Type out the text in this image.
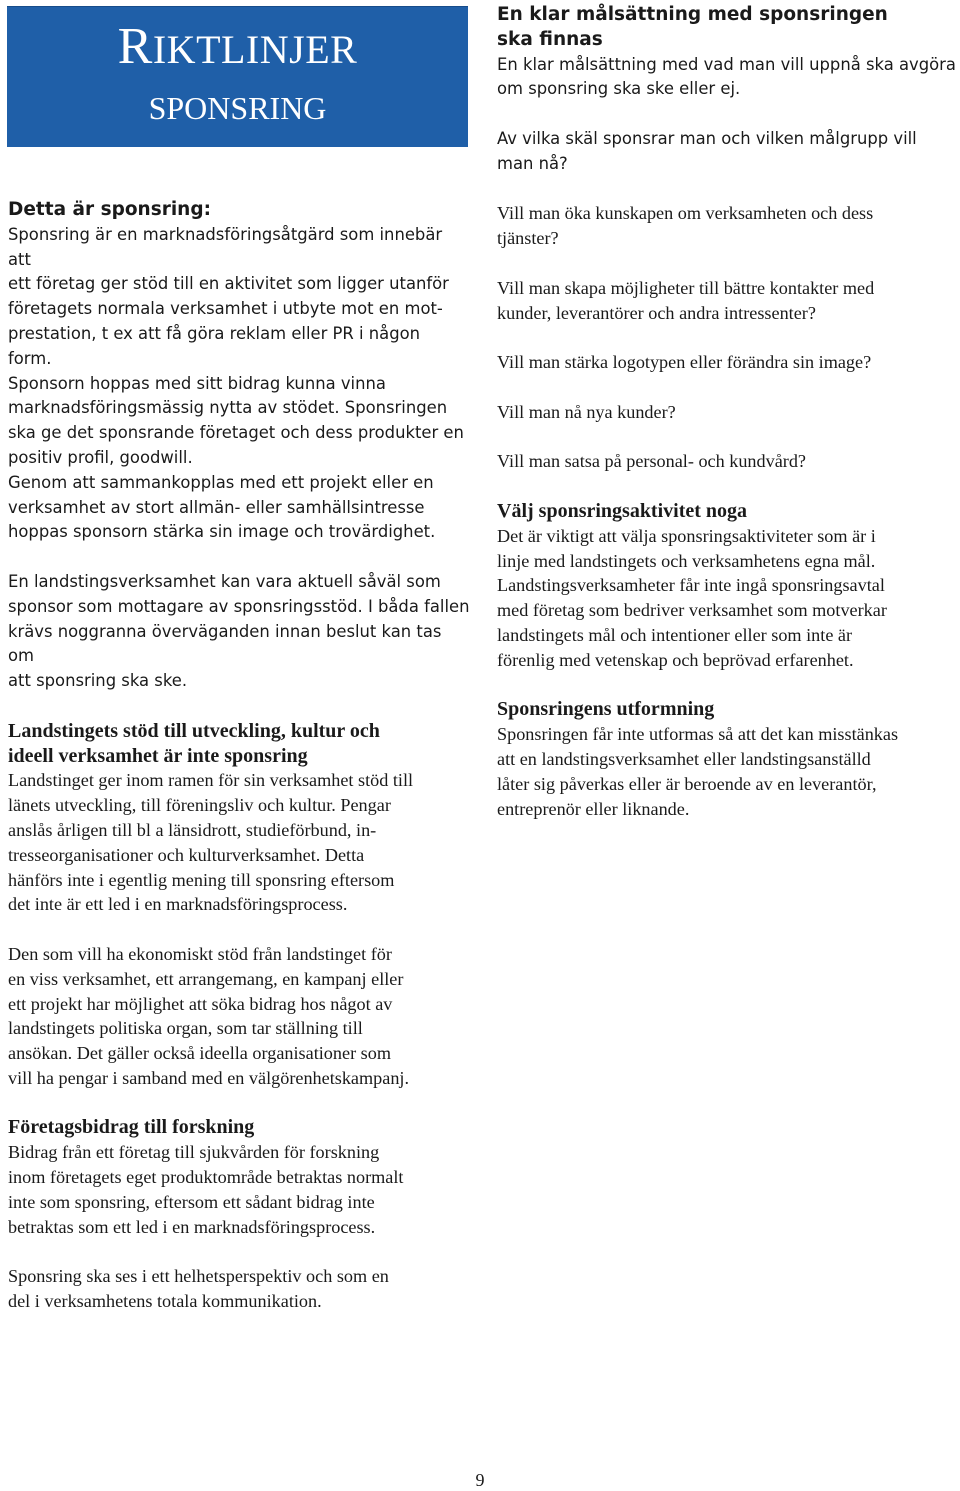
RIKTLINJER
SPONSRING
Detta är sponsring:
Sponsring är en marknadsföringsåtgärd som innebär att
ett företag ger stöd till en aktivitet som ligger utanför
företagets normala verksamhet i utbyte mot en mot-
prestation, t ex att få göra reklam eller PR i någon
form.
Sponsorn hoppas med sitt bidrag kunna vinna
marknadsföringsmässig nytta av stödet. Sponsringen
ska ge det sponsrande företaget och dess produkter en
positiv profil, goodwill.
Genom att sammankopplas med ett projekt eller en
verksamhet av stort allmän- eller samhällsintresse
hoppas sponsorn stärka sin image och trovärdighet.
En landstingsverksamhet kan vara aktuell såväl som
sponsor som mottagare av sponsringsstöd. I båda fallen
krävs noggranna överväganden innan beslut kan tas om
att sponsring ska ske.
Landstingets stöd till utveckling, kultur och
ideell verksamhet är inte sponsring
Landstinget ger inom ramen för sin verksamhet stöd till
länets utveckling, till föreningsliv och kultur. Pengar
anslås årligen till bl a länsidrott, studieförbund, in-
tresseorganisationer och kulturverksamhet. Detta
hänförs inte i egentlig mening till sponsring eftersom
det inte är ett led i en marknadsföringsprocess.
Den som vill ha ekonomiskt stöd från landstinget för
en viss verksamhet, ett arrangemang, en kampanj eller
ett projekt har möjlighet att söka bidrag hos något av
landstingets politiska organ, som tar ställning till
ansökan. Det gäller också ideella organisationer som
vill ha pengar i samband med en välgörenhetskampanj.
Företagsbidrag till forskning
Bidrag från ett företag till sjukvården för forskning
inom företagets eget produktområde betraktas normalt
inte som sponsring, eftersom ett sådant bidrag inte
betraktas som ett led i en marknadsföringsprocess.
Sponsring ska ses i ett helhetsperspektiv och som en
del i verksamhetens totala kommunikation.
En klar målsättning med sponsringen
ska finnas
En klar målsättning med vad man vill uppnå ska avgöra
om sponsring ska ske eller ej.
Av vilka skäl sponsrar man och vilken målgrupp vill
man nå?
Vill man öka kunskapen om verksamheten och dess
tjänster?
Vill man skapa möjligheter till bättre kontakter med
kunder, leverantörer och andra intressenter?
Vill man stärka logotypen eller förändra sin image?
Vill man nå nya kunder?
Vill man satsa på personal- och kundvård?
Välj sponsringsaktivitet noga
Det är viktigt att välja sponsringsaktiviteter som är i
linje med landstingets och verksamhetens egna mål.
Landstingsverksamheter får inte ingå sponsringsavtal
med företag som bedriver verksamhet som motverkar
landstingets mål och intentioner eller som inte är
förenlig med vetenskap och beprövad erfarenhet.
Sponsringens utformning
Sponsringen får inte utformas så att det kan misstänkas
att en landstingsverksamhet eller landstingsanställd
låter sig påverkas eller är beroende av en leverantör,
entreprenör eller liknande.
9
